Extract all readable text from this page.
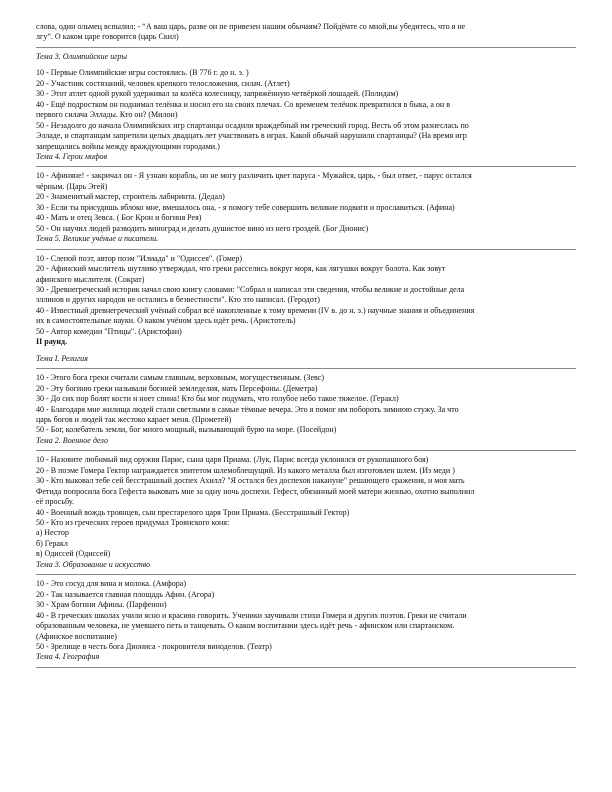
слова, один ольмец вспылил: - “А ваш царь, разве он не привезен нашим обычаям? Пойдёмте со мной,вы убедитесь, что я не

лгу”. О каком царе говорится (царь Скил)

Тема 3. Олимпийские игры

10 - Первые Олимпийские игры состоялись. (В 776 г. до н. э. )

20 - Участник состязаний, человек крепкого телосложения, силач. (Атлет)

30 - Этот атлет одной рукой удерживал за колёса колесницу, запряжённую четвёркой лошадей. (Полидам)

40 - Ещё подростком он поднимал телёнка и носил его на своих плечах. Со временем телёнок превратился в быка, а он в

первого силача Эллады. Кто он? (Милон)

50 - Незадолго до начала Олимпийских игр спартанцы осадили враждебный им греческий город. Весть об этом разнеслась по

Элладе, и спартанцам запретили целых двадцать лет участвовать в играх. Какой обычай нарушили спартанцы? (На время игр

запрещались войны между враждующими городами.)

Тема 4. Герои мифов

10 - Афиняне! - закричал он - Я узнаю корабль, но не могу различить цвет паруса - Мужайся, царь, - был ответ, - парус остался

чёрным. (Царь Эгей)

20 - Знаменитый мастер, строитель лабиринта. (Дедал)

30 - Если ты присудишь яблоко мне, вмешалось она, - я помогу тебе совершить великие подвиги и прославиться. (Афина)

40 - Мать и отец Зевса. ( Бог Крон и богиня Рея)

50 - Он научил людей разводить виноград и делать душистое вино из него гроздей. (Бог Дионис)

Тема 5. Великие учёные и писатели.

10 - Слепой поэт, автор поэм "Илиада" и "Одиссея". (Гомер)

20 - Афинский мыслитель шутливо утверждал, что греки расселись вокруг моря, как лягушки вокруг болота. Как зовут

афинского мыслителя. (Сократ)

30 - Древнегреческий историк начал свою книгу словами: "Собрал и написал эти сведения, чтобы великие и достойные дела

эллинов и других народов не остались в безвестности". Кто это написал. (Геродот)

40 - Известный древнегреческий учёный собрал всё накопленные к тому времени (IV в. до н. э.) научные знания и объединения

их в самостоятельные науки. О каком учёном здесь идёт речь. (Аристотель)

50 - Автор комедии "Птицы". (Аристофан)

II раунд.

Тема I. Религия

10 - Этого бога греки считали самым главным, верховным, могущественным. (Зевс)

20 - Эту богиню греки называли богиней земледелия, мать Персефоны. (Деметра)

30 - До сих пор болят кости и ноет спина! Кто бы мог подумать, что голубое небо такое тяжелое. (Геракл)

40 - Благодаря мне жилища людей стали светлыми в самые тёмные вечера. Это я помог им побороть зимнюю стужу. За что

царь богов и людей так жестоко карает меня. (Прометей)

50 - Бог, колебатель земли, бог много мощный, вызывающий бурю на море. (Посейдон)

Тема 2. Военное дело

10 - Назовите любимый вид оружия Парис, сына царя Приама. (Лук, Парис всегда уклонялся от рукопашного боя)

20 - В поэме Гомера Гектор награждается эпитетом шлемоблещущий. Из какого металла был изготовлен шлем. (Из меди )

30 - Кто выковал тебе сей бесстрашный доспех Ахилл? "Я остался без доспехов накануне" решающего сражения, и моя мать

Фетида попросила бога Гефеста выковать мне за одну ночь доспехи. Гефест, обязанный моей матери жизнью, охотно выполнил

её просьбу.

40 - Военный вождь троянцев, сын престарелого царя Трои Приама. (Бесстрашный Гектор)

50 - Кто из греческих героев придумал Троянского коня:

а) Нестор

б) Геракл

в) Одиссей (Одиссей)

Тема 3. Образование и искусство

10 - Это сосуд для вина и молока. (Амфора)

20 - Так называется главная площадь Афин. (Агора)

30 - Храм богини Афины. (Парфенон)

40 - В греческих школах учили ясно и красиво говорить. Ученики заучивали стихи Гомера и других поэтов. Греки не считали

образованным человека, не умевшего петь и танцевать. О каком воспитании здесь идёт речь - афинском или спартанском.

(Афинское воспитание)

50 - Зрелище в честь бога Диониса - покровителя виноделов. (Театр)

Тема 4. География
